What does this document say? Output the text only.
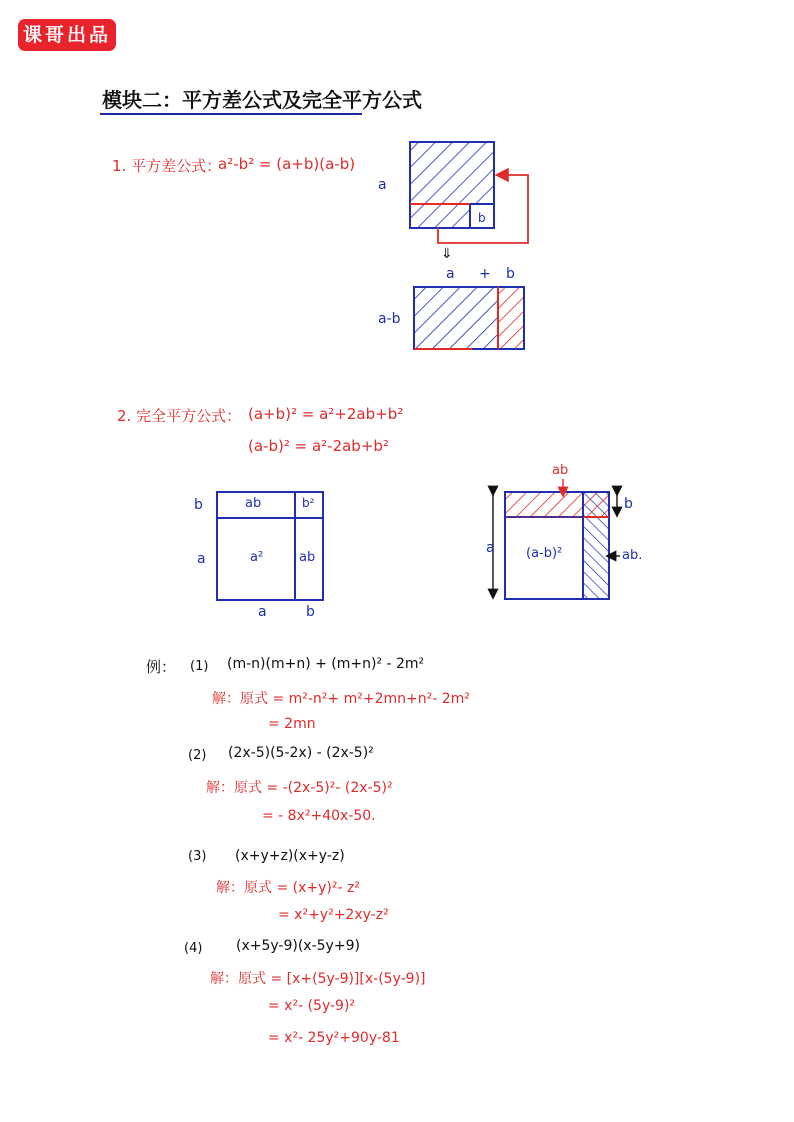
课哥出品
模块二：平方差公式及完全平方公式
1. 平方差公式：
a²-b² = (a+b)(a-b)
a
b
⇓
a + b
a-b
2. 完全平方公式： (a+b)² = a²+2ab+b²
(a-b)² = a²-2ab+b²
b
a
ab	b²
a²	ab
a	b
ab
b
a (a-b)²	ab.
例： (1) (m-n)(m+n) + (m+n)² - 2m²
解：原式 = m²-n²+ m²+2mn+n²- 2m²
= 2mn
(2) (2x-5)(5-2x) - (2x-5)²
解：原式 = -(2x-5)²- (2x-5)²
= - 8x²+40x-50.
(3) (x+y+z)(x+y-z)
解：原式 = (x+y)²- z²
= x²+y²+2xy-z²
(4) (x+5y-9)(x-5y+9)
解：原式 = [x+(5y-9)][x-(5y-9)]
= x²- (5y-9)²
= x²- 25y²+90y-81
